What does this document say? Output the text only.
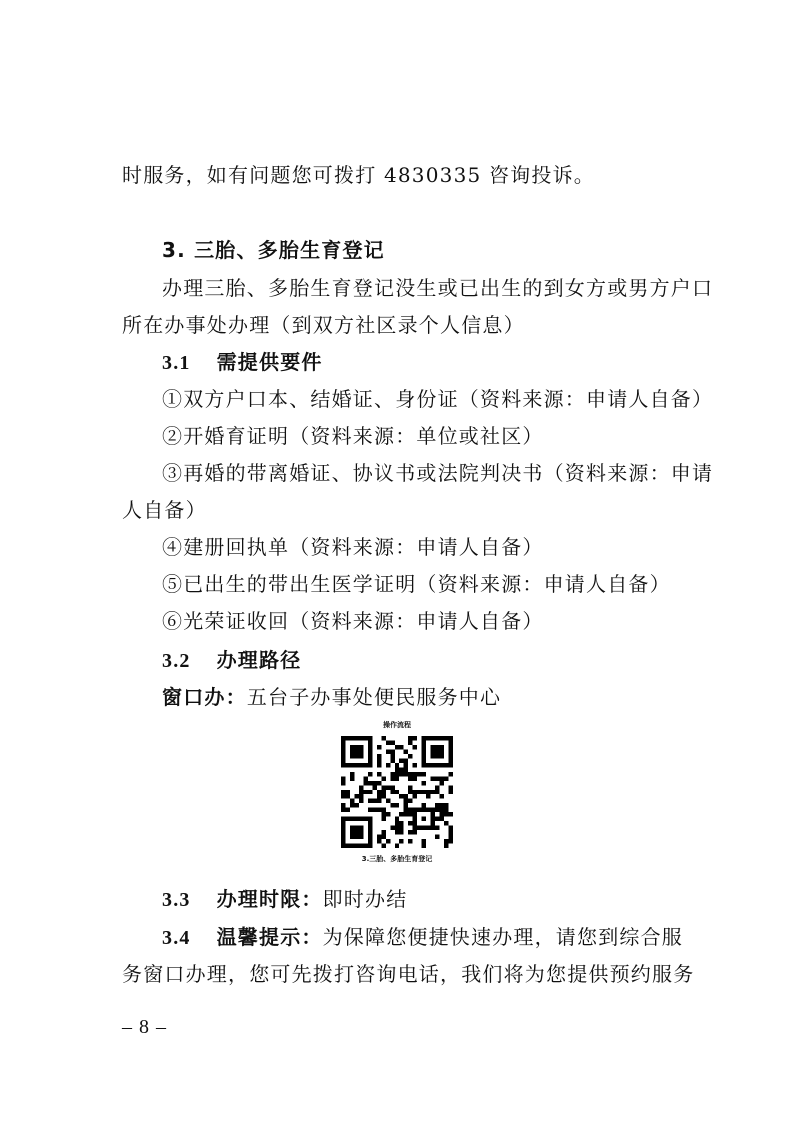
时服务，如有问题您可拨打 4830335 咨询投诉。
3. 三胎、多胎生育登记
办理三胎、多胎生育登记没生或已出生的到女方或男方户口
所在办事处办理（到双方社区录个人信息）
3.1 需提供要件
①双方户口本、结婚证、身份证（资料来源：申请人自备）
②开婚育证明（资料来源：单位或社区）
③再婚的带离婚证、协议书或法院判决书（资料来源：申请
人自备）
④建册回执单（资料来源：申请人自备）
⑤已出生的带出生医学证明（资料来源：申请人自备）
⑥光荣证收回（资料来源：申请人自备）
3.2 办理路径
窗口办：五台子办事处便民服务中心
操作流程
3.三胎、多胎生育登记
3.3 办理时限：即时办结
3.4 温馨提示：为保障您便捷快速办理，请您到综合服
务窗口办理，您可先拨打咨询电话，我们将为您提供预约服务
– 8 –
